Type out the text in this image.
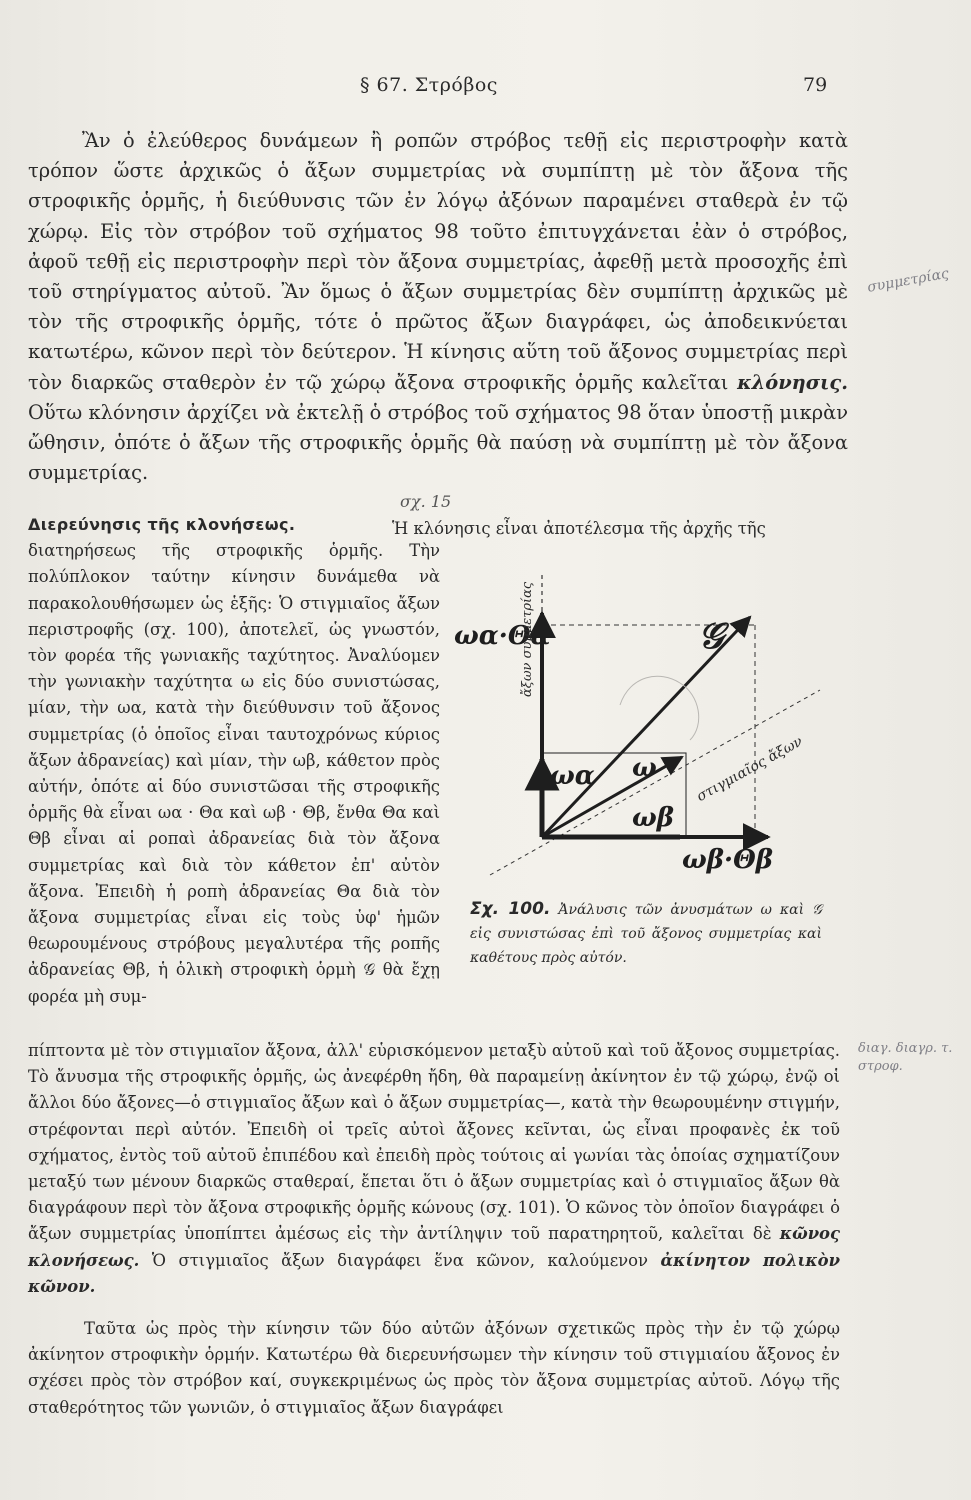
§ 67. Στρόβος	79

Ἂν ὁ ἐλεύθερος δυνάμεων ἢ ροπῶν στρόβος τεθῇ εἰς περιστροφὴν κατὰ τρόπον ὥστε ἀρχικῶς ὁ ἄξων συμμετρίας νὰ συμπίπτῃ μὲ τὸν ἄξονα τῆς στροφικῆς ὁρμῆς, ἡ διεύθυνσις τῶν ἐν λόγῳ ἀξόνων παραμένει σταθερὰ ἐν τῷ χώρῳ. Εἰς τὸν στρόβον τοῦ σχήματος 98 τοῦτο ἐπιτυγχάνεται ἐὰν ὁ στρόβος, ἀφοῦ τεθῇ εἰς περιστροφὴν περὶ τὸν ἄξονα συμμετρίας, ἀφεθῇ μετὰ προσοχῆς ἐπὶ τοῦ στηρίγματος αὐτοῦ. Ἂν ὅμως ὁ ἄξων συμμετρίας δὲν συμπίπτῃ ἀρχικῶς μὲ τὸν τῆς στροφικῆς ὁρμῆς, τότε ὁ πρῶτος ἄξων διαγράφει, ὡς ἀποδεικνύεται κατωτέρω, κῶνον περὶ τὸν δεύτερον. Ἡ κίνησις αὕτη τοῦ ἄξονος συμμετρίας περὶ τὸν διαρκῶς σταθερὸν ἐν τῷ χώρῳ ἄξονα στροφικῆς ὁρμῆς καλεῖται κλόνησις. Οὕτω κλόνησιν ἀρχίζει νὰ ἐκτελῇ ὁ στρόβος τοῦ σχήματος 98 ὅταν ὑποστῇ μικρὰν ὤθησιν, ὁπότε ὁ ἄξων τῆς στροφικῆς ὁρμῆς θὰ παύσῃ νὰ συμπίπτῃ μὲ τὸν ἄξονα συμμετρίας.

Ἡ κλόνησις εἶναι ἀποτέλεσμα τῆς ἀρχῆς τῆς

Διερεύνησις τῆς κλονήσεως.
διατηρήσεως τῆς στροφικῆς ὁρμῆς. Τὴν πολύπλοκον ταύτην κίνησιν δυνάμεθα νὰ παρακολουθήσωμεν ὡς ἑξῆς: Ὁ στιγμιαῖος ἄξων περιστροφῆς (σχ. 100), ἀποτελεῖ, ὡς γνωστόν, τὸν φορέα τῆς γωνιακῆς ταχύτητος. Ἀναλύομεν τὴν γωνιακὴν ταχύτητα ω εἰς δύο συνιστώσας, μίαν, τὴν ωα, κατὰ τὴν διεύθυνσιν τοῦ ἄξονος συμμετρίας (ὁ ὁποῖος εἶναι ταυτοχρόνως κύριος ἄξων ἀδρανείας) καὶ μίαν, τὴν ωβ, κάθετον πρὸς αὐτήν, ὁπότε αἱ δύο συνιστῶσαι τῆς στροφικῆς ὁρμῆς θὰ εἶναι ωα · Θα καὶ ωβ · Θβ, ἔνθα Θα καὶ Θβ εἶναι αἱ ροπαὶ ἀδρανείας διὰ τὸν ἄξονα συμμετρίας καὶ διὰ τὸν κάθετον ἐπ' αὐτὸν ἄξονα. Ἐπειδὴ ἡ ροπὴ ἀδρανείας Θα διὰ τὸν ἄξονα συμμετρίας εἶναι εἰς τοὺς ὑφ' ἡμῶν θεωρουμένους στρόβους μεγαλυτέρα τῆς ροπῆς ἀδρανείας Θβ, ἡ ὁλικὴ στροφικὴ ὁρμὴ 𝒢 θὰ ἔχῃ φορέα μὴ συμ-

ωα·Θα
ἄξων συμμετρίας	𝒢
στιγμιαῖος ἄξων
ωα ω
ωβ
ωβ·Θβ

Σχ. 100. Ἀνάλυσις τῶν ἀνυσμάτων ω καὶ 𝒢 εἰς συνιστώσας ἐπὶ τοῦ ἄξονος συμμετρίας καὶ καθέτους πρὸς αὐτόν.

πίπτοντα μὲ τὸν στιγμιαῖον ἄξονα, ἀλλ' εὑρισκόμενον μεταξὺ αὐτοῦ καὶ τοῦ ἄξονος συμμετρίας. Τὸ ἄνυσμα τῆς στροφικῆς ὁρμῆς, ὡς ἀνεφέρθη ἤδη, θὰ παραμείνῃ ἀκίνητον ἐν τῷ χώρῳ, ἐνῷ οἱ ἄλλοι δύο ἄξονες—ὁ στιγμιαῖος ἄξων καὶ ὁ ἄξων συμμετρίας—, κατὰ τὴν θεωρουμένην στιγμήν, στρέφονται περὶ αὐτόν. Ἐπειδὴ οἱ τρεῖς αὐτοὶ ἄξονες κεῖνται, ὡς εἶναι προφανὲς ἐκ τοῦ σχήματος, ἐντὸς τοῦ αὐτοῦ ἐπιπέδου καὶ ἐπειδὴ πρὸς τούτοις αἱ γωνίαι τὰς ὁποίας σχηματίζουν μεταξύ των μένουν διαρκῶς σταθεραί, ἔπεται ὅτι ὁ ἄξων συμμετρίας καὶ ὁ στιγμιαῖος ἄξων θὰ διαγράφουν περὶ τὸν ἄξονα στροφικῆς ὁρμῆς κώνους (σχ. 101). Ὁ κῶνος τὸν ὁποῖον διαγράφει ὁ ἄξων συμμετρίας ὑποπίπτει ἀμέσως εἰς τὴν ἀντίληψιν τοῦ παρατηρητοῦ, καλεῖται δὲ κῶνος κλονήσεως. Ὁ στιγμιαῖος ἄξων διαγράφει ἕνα κῶνον, καλούμενον ἀκίνητον πολικὸν κῶνον.

Ταῦτα ὡς πρὸς τὴν κίνησιν τῶν δύο αὐτῶν ἀξόνων σχετικῶς πρὸς τὴν ἐν τῷ χώρῳ ἀκίνητον στροφικὴν ὁρμήν. Κατωτέρω θὰ διερευνήσωμεν τὴν κίνησιν τοῦ στιγμιαίου ἄξονος ἐν σχέσει πρὸς τὸν στρόβον καί, συγκεκριμένως ὡς πρὸς τὸν ἄξονα συμμετρίας αὐτοῦ. Λόγῳ τῆς σταθερότητος τῶν γωνιῶν, ὁ στιγμιαῖος ἄξων διαγράφει

συμμετρίας
διαγ. διαγρ. τ. στροφ.
σχ. 15
